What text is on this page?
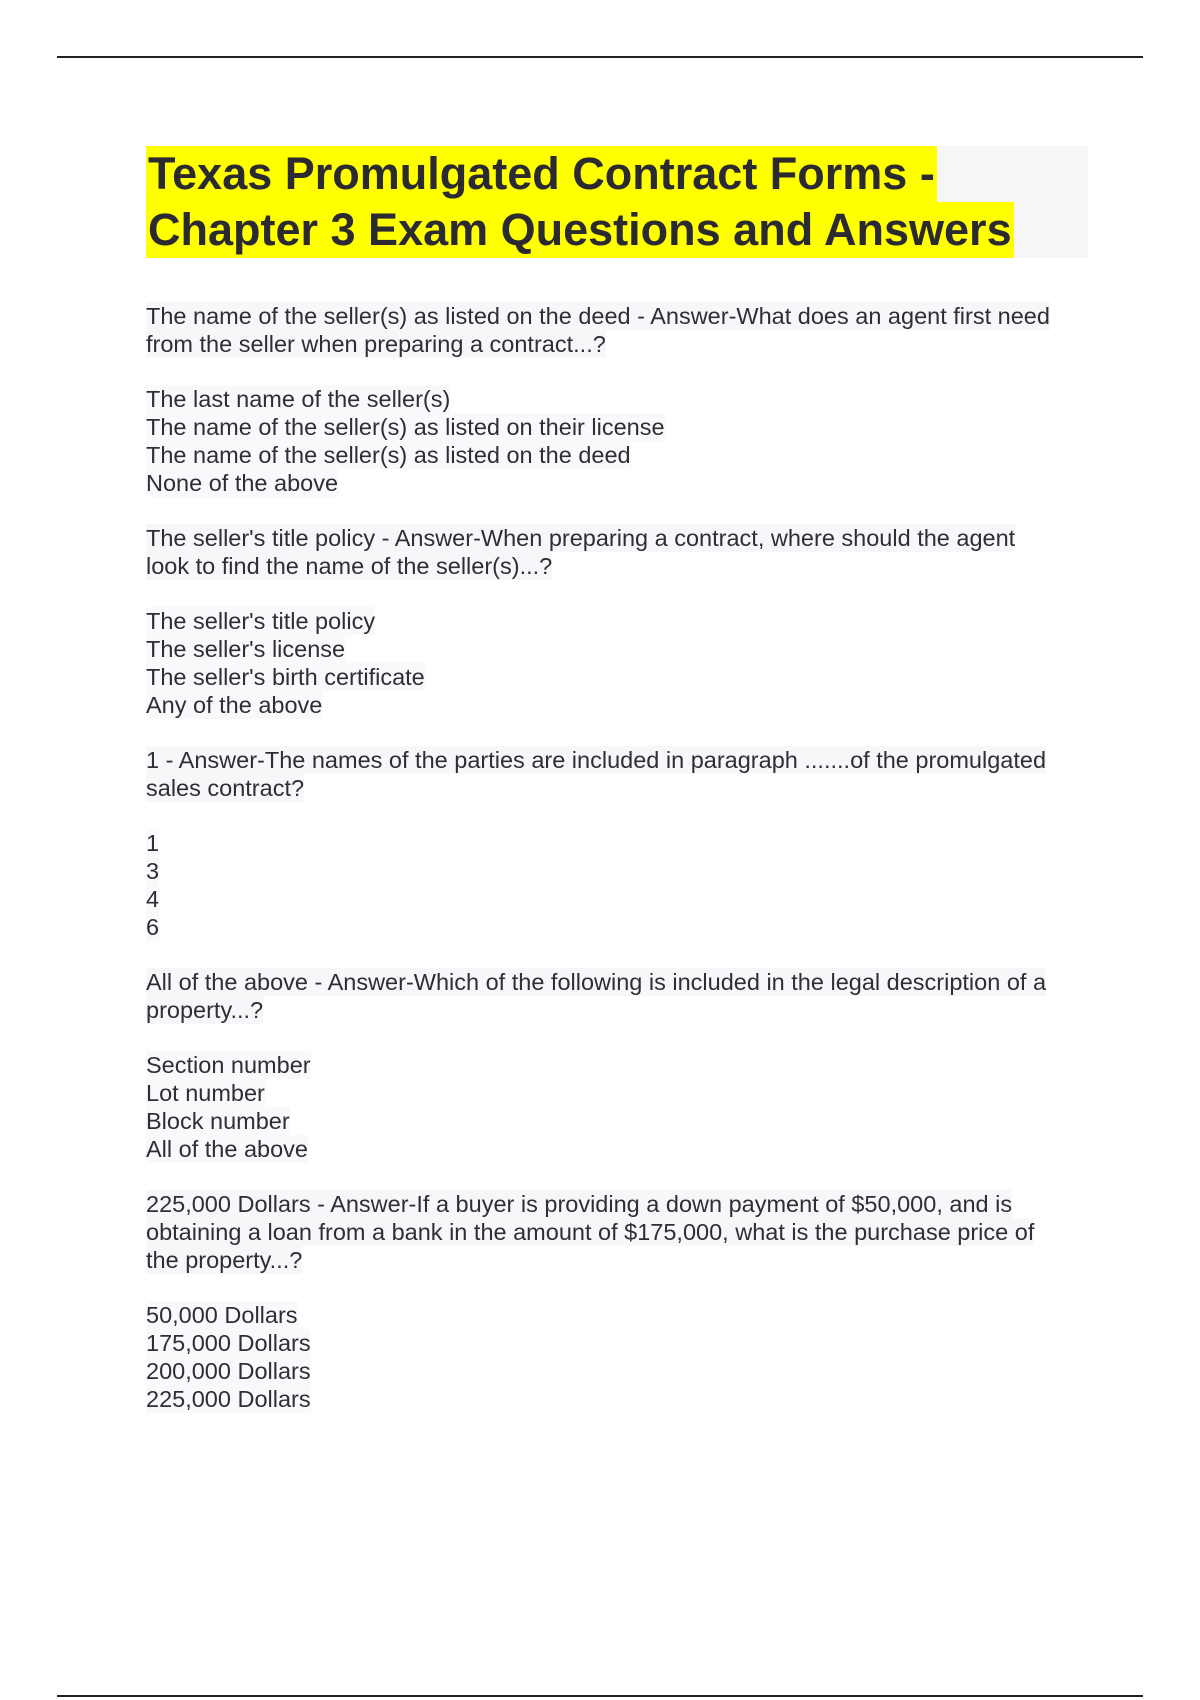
Texas Promulgated Contract Forms -
Chapter 3 Exam Questions and Answers
The name of the seller(s) as listed on the deed - Answer-What does an agent first need
from the seller when preparing a contract...?
The last name of the seller(s)
The name of the seller(s) as listed on their license
The name of the seller(s) as listed on the deed
None of the above
The seller's title policy - Answer-When preparing a contract, where should the agent
look to find the name of the seller(s)...?
The seller's title policy
The seller's license
The seller's birth certificate
Any of the above
1 - Answer-The names of the parties are included in paragraph .......of the promulgated
sales contract?
1
3
4
6
All of the above - Answer-Which of the following is included in the legal description of a
property...?
Section number
Lot number
Block number
All of the above
225,000 Dollars - Answer-If a buyer is providing a down payment of $50,000, and is
obtaining a loan from a bank in the amount of $175,000, what is the purchase price of
the property...?
50,000 Dollars
175,000 Dollars
200,000 Dollars
225,000 Dollars
